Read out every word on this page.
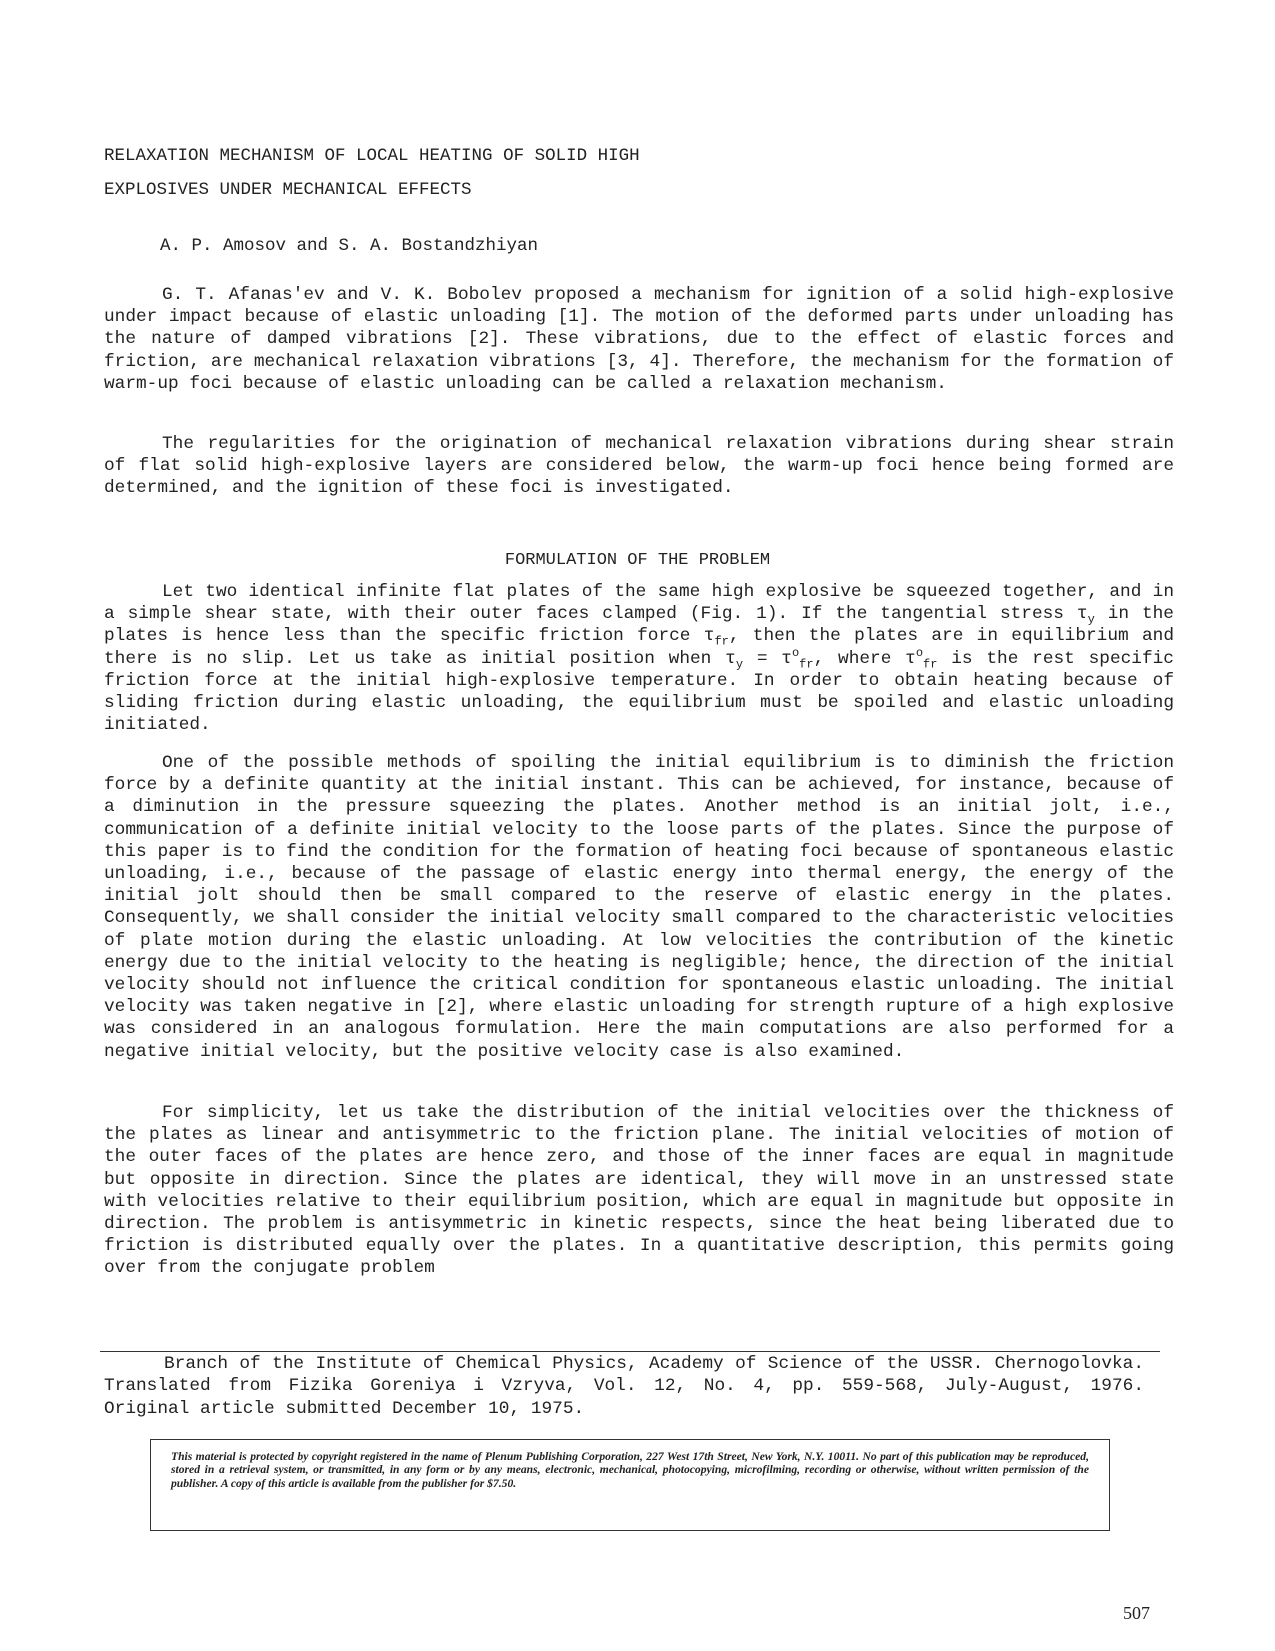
RELAXATION MECHANISM OF LOCAL HEATING OF SOLID HIGH
EXPLOSIVES UNDER MECHANICAL EFFECTS
A. P. Amosov and S. A. Bostandzhiyan

G. T. Afanas'ev and V. K. Bobolev proposed a mechanism for ignition of a solid high-explosive under impact because of elastic unloading [1]. The motion of the deformed parts under unloading has the nature of damped vibrations [2]. These vibrations, due to the effect of elastic forces and friction, are mechanical relaxation vibrations [3, 4]. Therefore, the mechanism for the formation of warm-up foci because of elastic unloading can be called a relaxation mechanism.

The regularities for the origination of mechanical relaxation vibrations during shear strain of flat solid high-explosive layers are considered below, the warm-up foci hence being formed are determined, and the ignition of these foci is investigated.

FORMULATION OF THE PROBLEM

Let two identical infinite flat plates of the same high explosive be squeezed together, and in a simple shear state, with their outer faces clamped (Fig. 1). If the tangential stress $\tau_y$ in the plates is hence less than the specific friction force $\tau_{fr}$, then the plates are in equilibrium and there is no slip. Let us take as initial position when $\tau_y = \tau^o_{fr}$, where $\tau^o_{fr}$ is the rest specific friction force at the initial high-explosive temperature. In order to obtain heating because of sliding friction during elastic unloading, the equilibrium must be spoiled and elastic unloading initiated.

One of the possible methods of spoiling the initial equilibrium is to diminish the friction force by a definite quantity at the initial instant. This can be achieved, for instance, because of a diminution in the pressure squeezing the plates. Another method is an initial jolt, i.e., communication of a definite initial velocity to the loose parts of the plates. Since the purpose of this paper is to find the condition for the formation of heating foci because of spontaneous elastic unloading, i.e., because of the passage of elastic energy into thermal energy, the energy of the initial jolt should then be small compared to the reserve of elastic energy in the plates. Consequently, we shall consider the initial velocity small compared to the characteristic velocities of plate motion during the elastic unloading. At low velocities the contribution of the kinetic energy due to the initial velocity to the heating is negligible; hence, the direction of the initial velocity should not influence the critical condition for spontaneous elastic unloading. The initial velocity was taken negative in [2], where elastic unloading for strength rupture of a high explosive was considered in an analogous formulation. Here the main computations are also performed for a negative initial velocity, but the positive velocity case is also examined.

For simplicity, let us take the distribution of the initial velocities over the thickness of the plates as linear and antisymmetric to the friction plane. The initial velocities of motion of the outer faces of the plates are hence zero, and those of the inner faces are equal in magnitude but opposite in direction. Since the plates are identical, they will move in an unstressed state with velocities relative to their equilibrium position, which are equal in magnitude but opposite in direction. The problem is antisymmetric in kinetic respects, since the heat being liberated due to friction is distributed equally over the plates. In a quantitative description, this permits going over from the conjugate problem

Branch of the Institute of Chemical Physics, Academy of Science of the USSR. Chernogolovka. Translated from Fizika Goreniya i Vzryva, Vol. 12, No. 4, pp. 559-568, July-August, 1976. Original article submitted December 10, 1975.

This material is protected by copyright registered in the name of Plenum Publishing Corporation, 227 West 17th Street, New York, N.Y. 10011. No part of this publication may be reproduced, stored in a retrieval system, or transmitted, in any form or by any means, electronic, mechanical, photocopying, microfilming, recording or otherwise, without written permission of the publisher. A copy of this article is available from the publisher for $7.50.
507
